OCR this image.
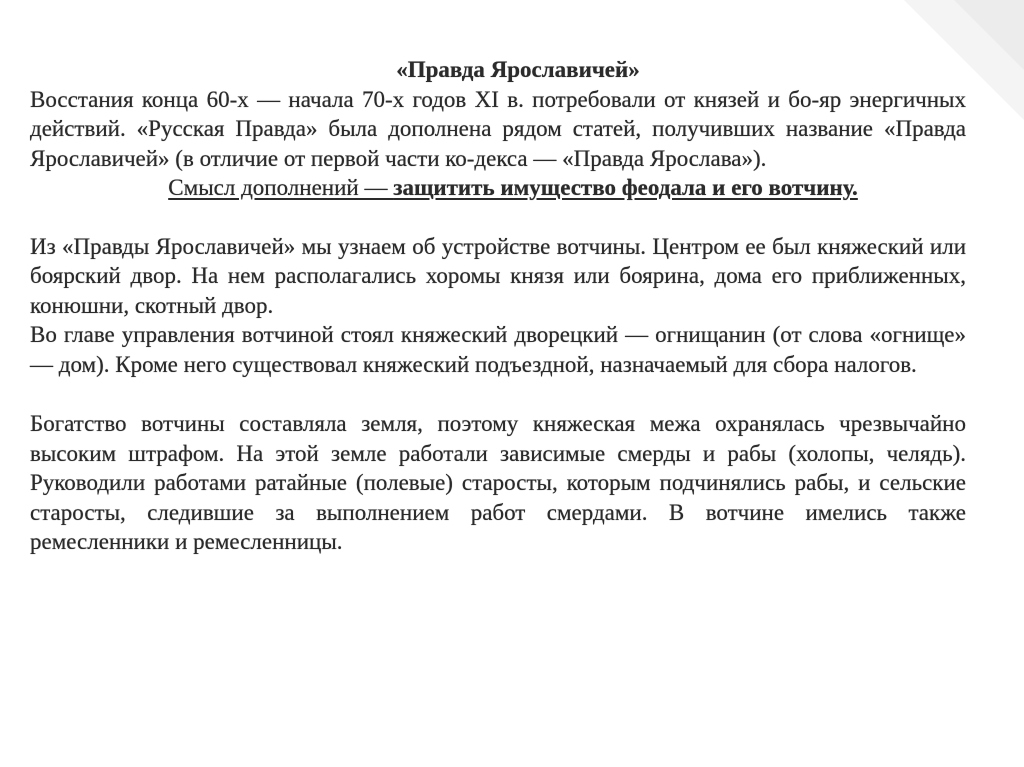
«Правда Ярославичей»

Восстания конца 60-х — начала 70-х годов XI в. потребовали от князей и бо-яр энергичных действий. «Русская Правда» была дополнена рядом статей, получивших название «Правда Ярославичей» (в отличие от первой части ко-декса — «Правда Ярослава»).

Смысл дополнений — защитить имущество феодала и его вотчину.

Из «Правды Ярославичей» мы узнаем об устройстве вотчины. Центром ее был княжеский или боярский двор. На нем располагались хоромы князя или боярина, дома его приближенных, конюшни, скотный двор.

Во главе управления вотчиной стоял княжеский дворецкий — огнищанин (от слова «огнище» — дом). Кроме него существовал княжеский подъездной, назначаемый для сбора налогов.

Богатство вотчины составляла земля, поэтому княжеская межа охранялась чрезвычайно высоким штрафом. На этой земле работали зависимые смерды и рабы (холопы, челядь). Руководили работами ратайные (полевые) старосты, которым подчинялись рабы, и сельские старосты, следившие за выполнением работ смердами. В вотчине имелись также ремесленники и ремесленницы.
